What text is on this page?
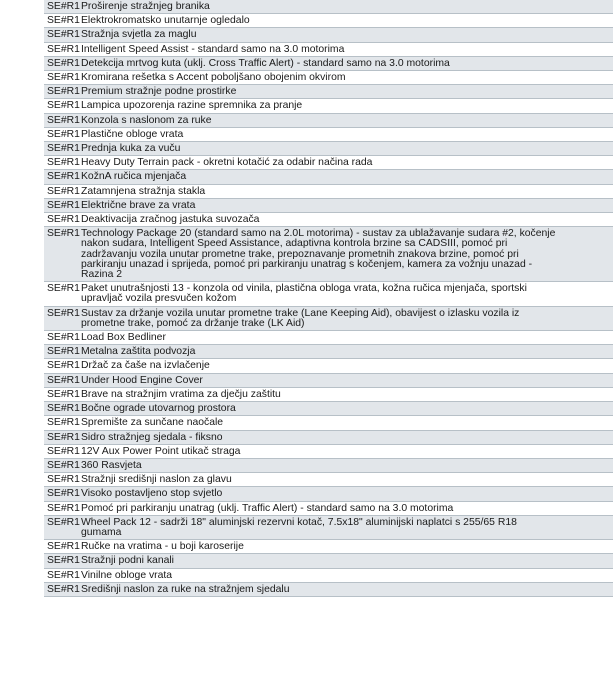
SE#R1 Proširenje stražnjeg branika
SE#R1 Elektrokromatsko unutarnje ogledalo
SE#R1 Stražnja svjetla za maglu
SE#R1 Intelligent Speed Assist - standard samo na 3.0 motorima
SE#R1 Detekcija mrtvog kuta (uklj. Cross Traffic Alert) - standard samo na 3.0 motorima
SE#R1 Kromirana rešetka s Accent poboljšano obojenim okvirom
SE#R1 Premium stražnje podne prostirke
SE#R1 Lampica upozorenja razine spremnika za pranje
SE#R1 Konzola s naslonom za ruke
SE#R1 Plastične obloge vrata
SE#R1 Prednja kuka za vuču
SE#R1 Heavy Duty Terrain pack - okretni kotačić za odabir načina rada
SE#R1 KožnA ručica mjenjača
SE#R1 Zatamnjena stražnja stakla
SE#R1 Električne brave za vrata
SE#R1 Deaktivacija zračnog jastuka suvozača
SE#R1 Technology Package 20 (standard samo na 2.0L motorima) - sustav za ublažavanje sudara #2, kočenje nakon sudara, Intelligent Speed Assistance, adaptivna kontrola brzine sa CADSIII, pomoć pri zadržavanju vozila unutar prometne trake, prepoznavanje prometnih znakova brzine, pomoć pri parkiranju unazad i sprijeda, pomoć pri parkiranju unatrag s kočenjem, kamera za vožnju unazad - Razina 2
SE#R1 Paket unutrašnjosti 13 - konzola od vinila, plastična obloga vrata, kožna ručica mjenjača, sportski upravljač vozila presvučen kožom
SE#R1 Sustav za držanje vozila unutar prometne trake (Lane Keeping Aid), obavijest o izlasku vozila iz prometne trake, pomoć za držanje trake (LK Aid)
SE#R1 Load Box Bedliner
SE#R1 Metalna zaštita podvozja
SE#R1 Držač za čaše na izvlačenje
SE#R1 Under Hood Engine Cover
SE#R1 Brave na stražnjim vratima za dječju zaštitu
SE#R1 Bočne ograde utovarnog prostora
SE#R1 Spremište za sunčane naočale
SE#R1 Sidro stražnjeg sjedala - fiksno
SE#R1 12V Aux Power Point utikač straga
SE#R1 360 Rasvjeta
SE#R1 Stražnji središnji naslon za glavu
SE#R1 Visoko postavljeno stop svjetlo
SE#R1 Pomoć pri parkiranju unatrag (uklj. Traffic Alert) - standard samo na 3.0 motorima
SE#R1 Wheel Pack 12 - sadrži 18" aluminjski rezervni kotač, 7.5x18" aluminijski naplatci s 255/65 R18 gumama
SE#R1 Ručke na vratima - u boji karoserije
SE#R1 Stražnji podni kanali
SE#R1 Vinilne obloge vrata
SE#R1 Središnji naslon za ruke na stražnjem sjedalu
